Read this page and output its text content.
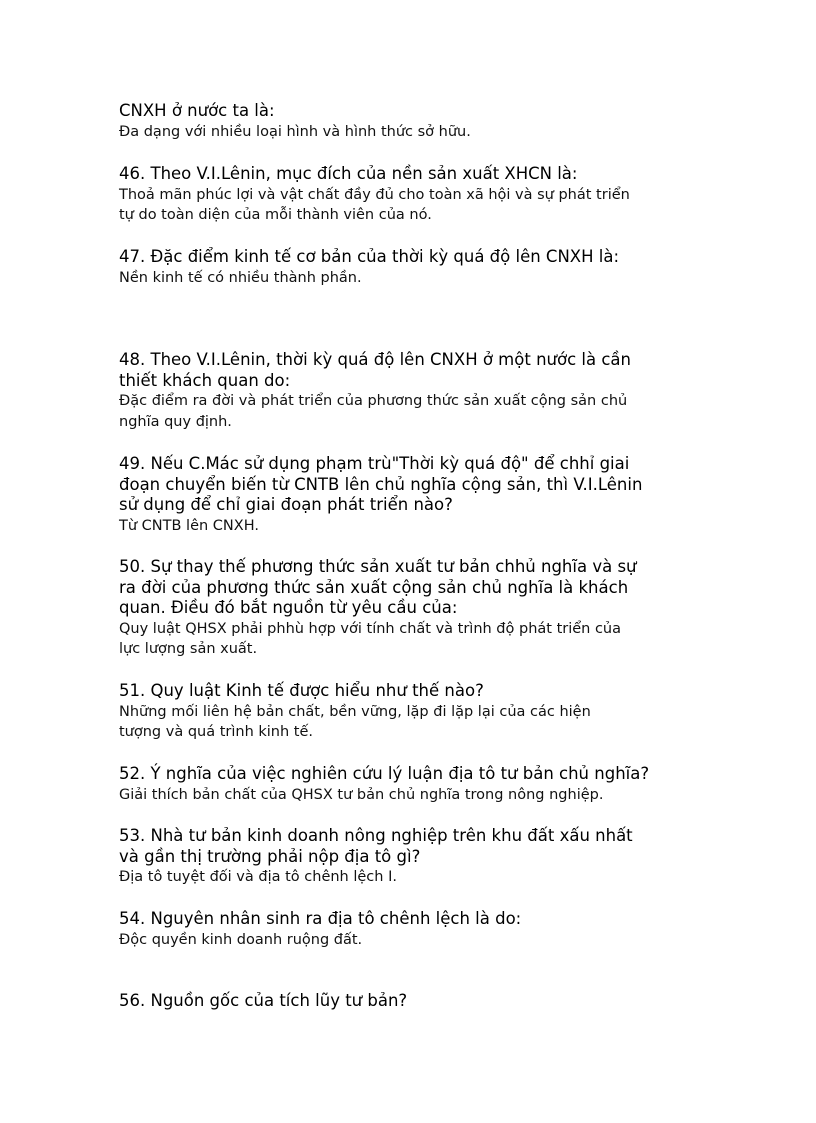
CNXH ở nước ta là:
Đa dạng với nhiều loại hình và hình thức sở hữu.
46. Theo V.I.Lênin, mục đích của nền sản xuất XHCN là:
Thoả mãn phúc lợi và vật chất đầy đủ cho toàn xã hội và sự phát triển
tự do toàn diện của mỗi thành viên của nó.
47. Đặc điểm kinh tế cơ bản của thời kỳ quá độ lên CNXH là:
Nền kinh tế có nhiều thành phần.
48. Theo V.I.Lênin, thời kỳ quá độ lên CNXH ở một nước là cần
thiết khách quan do:
Đặc điểm ra đời và phát triển của phương thức sản xuất cộng sản chủ
nghĩa quy định.
49. Nếu C.Mác sử dụng phạm trù"Thời kỳ quá độ" để chhỉ giai
đoạn chuyển biến từ CNTB lên chủ nghĩa cộng sản, thì V.I.Lênin
sử dụng để chỉ giai đoạn phát triển nào?
Từ CNTB lên CNXH.
50. Sự thay thế phương thức sản xuất tư bản chhủ nghĩa và sự
ra đời của phương thức sản xuất cộng sản chủ nghĩa là khách
quan. Điều đó bắt nguồn từ yêu cầu của:
Quy luật QHSX phải phhù hợp với tính chất và trình độ phát triển của
lực lượng sản xuất.
51. Quy luật Kinh tế được hiểu như thế nào?
Những mối liên hệ bản chất, bền vững, lặp đi lặp lại của các hiện
tượng và quá trình kinh tế.
52. Ý nghĩa của việc nghiên cứu lý luận địa tô tư bản chủ nghĩa?
Giải thích bản chất của QHSX tư bản chủ nghĩa trong nông nghiệp.
53. Nhà tư bản kinh doanh nông nghiệp trên khu đất xấu nhất
và gần thị trường phải nộp địa tô gì?
Địa tô tuyệt đối và địa tô chênh lệch I.
54. Nguyên nhân sinh ra địa tô chênh lệch là do:
Độc quyền kinh doanh ruộng đất.
56. Nguồn gốc của tích lũy tư bản?
